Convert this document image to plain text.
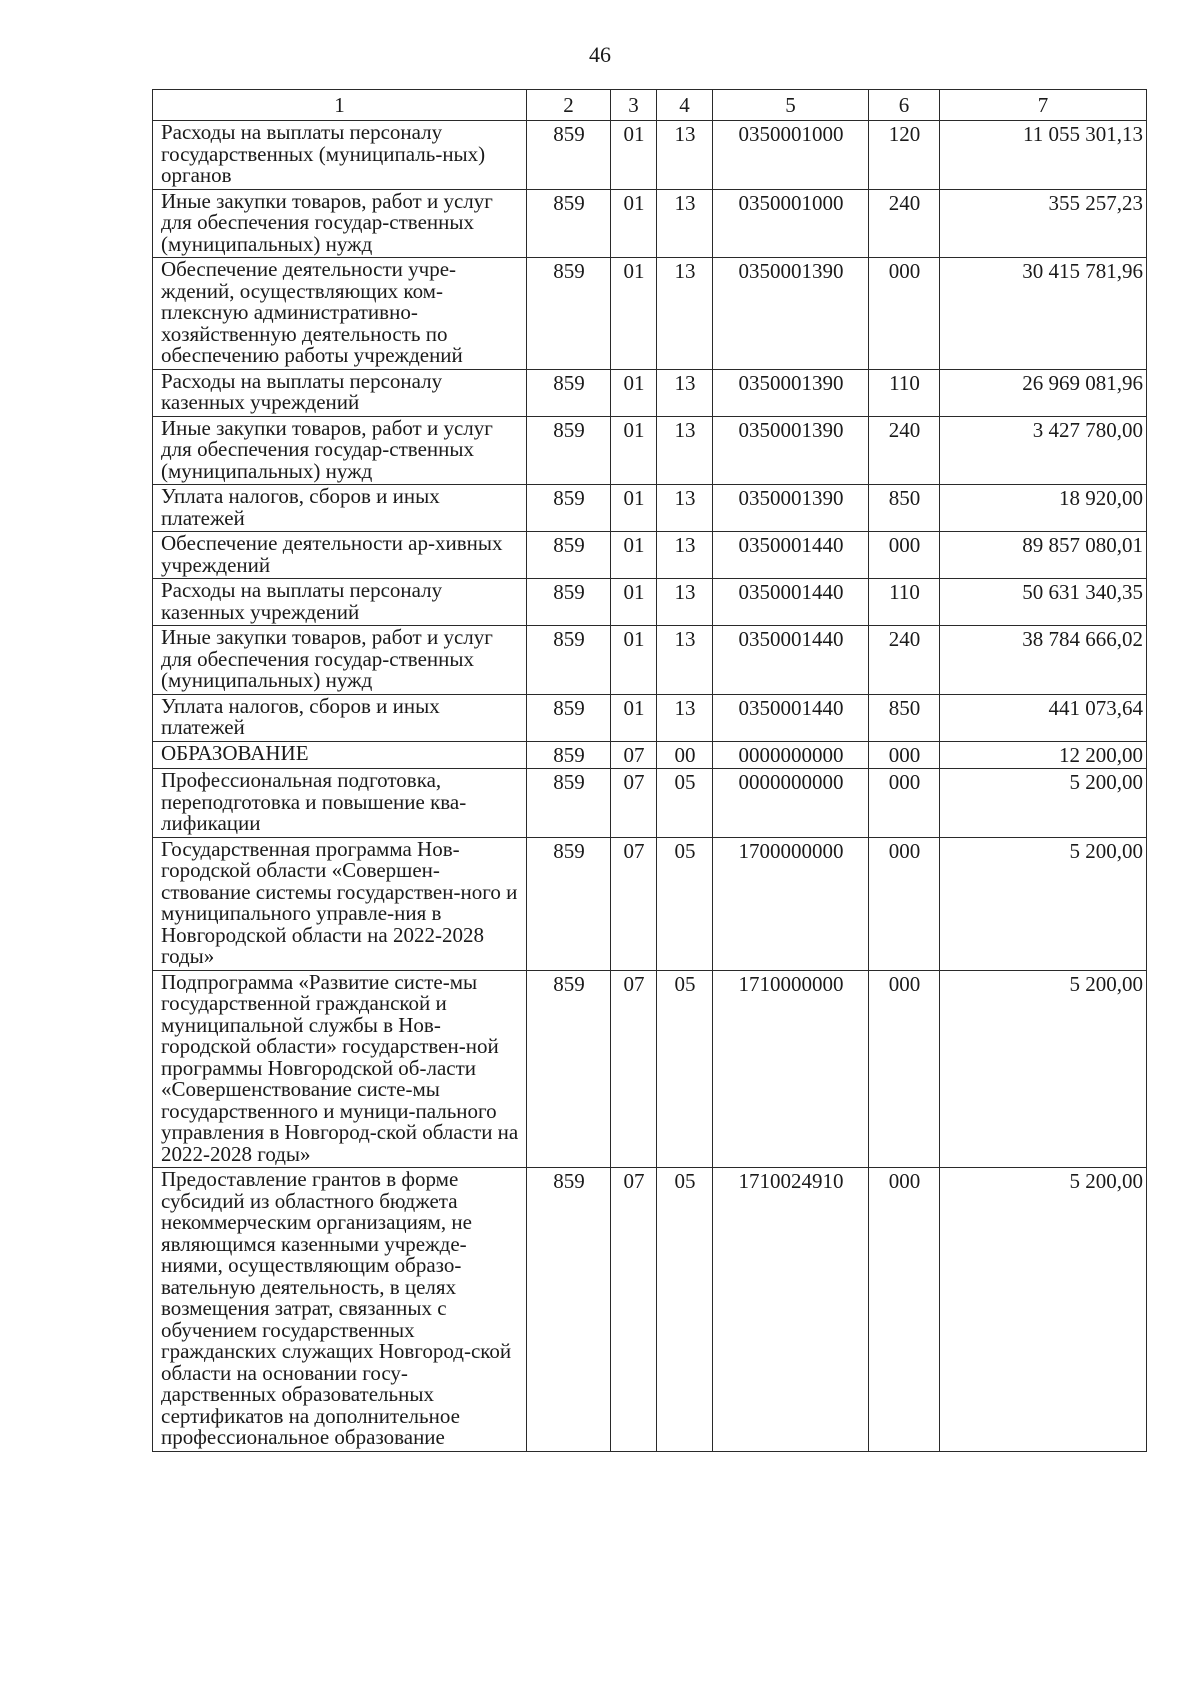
46
1	2	3	4	5	6	7
Расходы на выплаты персоналу государственных (муниципаль-ных) органов	859	01	13	0350001000	120	11 055 301,13
Иные закупки товаров, работ и услуг для обеспечения государ-ственных (муниципальных) нужд	859	01	13	0350001000	240	355 257,23
Обеспечение деятельности учре-ждений, осуществляющих ком-плексную административно-хозяйственную деятельность по обеспечению работы учреждений	859	01	13	0350001390	000	30 415 781,96
Расходы на выплаты персоналу казенных учреждений	859	01	13	0350001390	110	26 969 081,96
Иные закупки товаров, работ и услуг для обеспечения государ-ственных (муниципальных) нужд	859	01	13	0350001390	240	3 427 780,00
Уплата налогов, сборов и иных платежей	859	01	13	0350001390	850	18 920,00
Обеспечение деятельности ар-хивных учреждений	859	01	13	0350001440	000	89 857 080,01
Расходы на выплаты персоналу казенных учреждений	859	01	13	0350001440	110	50 631 340,35
Иные закупки товаров, работ и услуг для обеспечения государ-ственных (муниципальных) нужд	859	01	13	0350001440	240	38 784 666,02
Уплата налогов, сборов и иных платежей	859	01	13	0350001440	850	441 073,64
ОБРАЗОВАНИЕ	859	07	00	0000000000	000	12 200,00
Профессиональная подготовка, переподготовка и повышение ква-лификации	859	07	05	0000000000	000	5 200,00
Государственная программа Нов-городской области «Совершен-ствование системы государствен-ного и муниципального управле-ния в Новгородской области на 2022-2028 годы»	859	07	05	1700000000	000	5 200,00
Подпрограмма «Развитие систе-мы государственной гражданской и муниципальной службы в Нов-городской области» государствен-ной программы Новгородской об-ласти «Совершенствование систе-мы государственного и муници-пального управления в Новгород-ской области на 2022-2028 годы»	859	07	05	1710000000	000	5 200,00
Предоставление грантов в форме субсидий из областного бюджета некоммерческим организациям, не являющимся казенными учрежде-ниями, осуществляющим образо-вательную деятельность, в целях возмещения затрат, связанных с обучением государственных гражданских служащих Новгород-ской области на основании госу-дарственных образовательных сертификатов на дополнительное профессиональное образование	859	07	05	1710024910	000	5 200,00
